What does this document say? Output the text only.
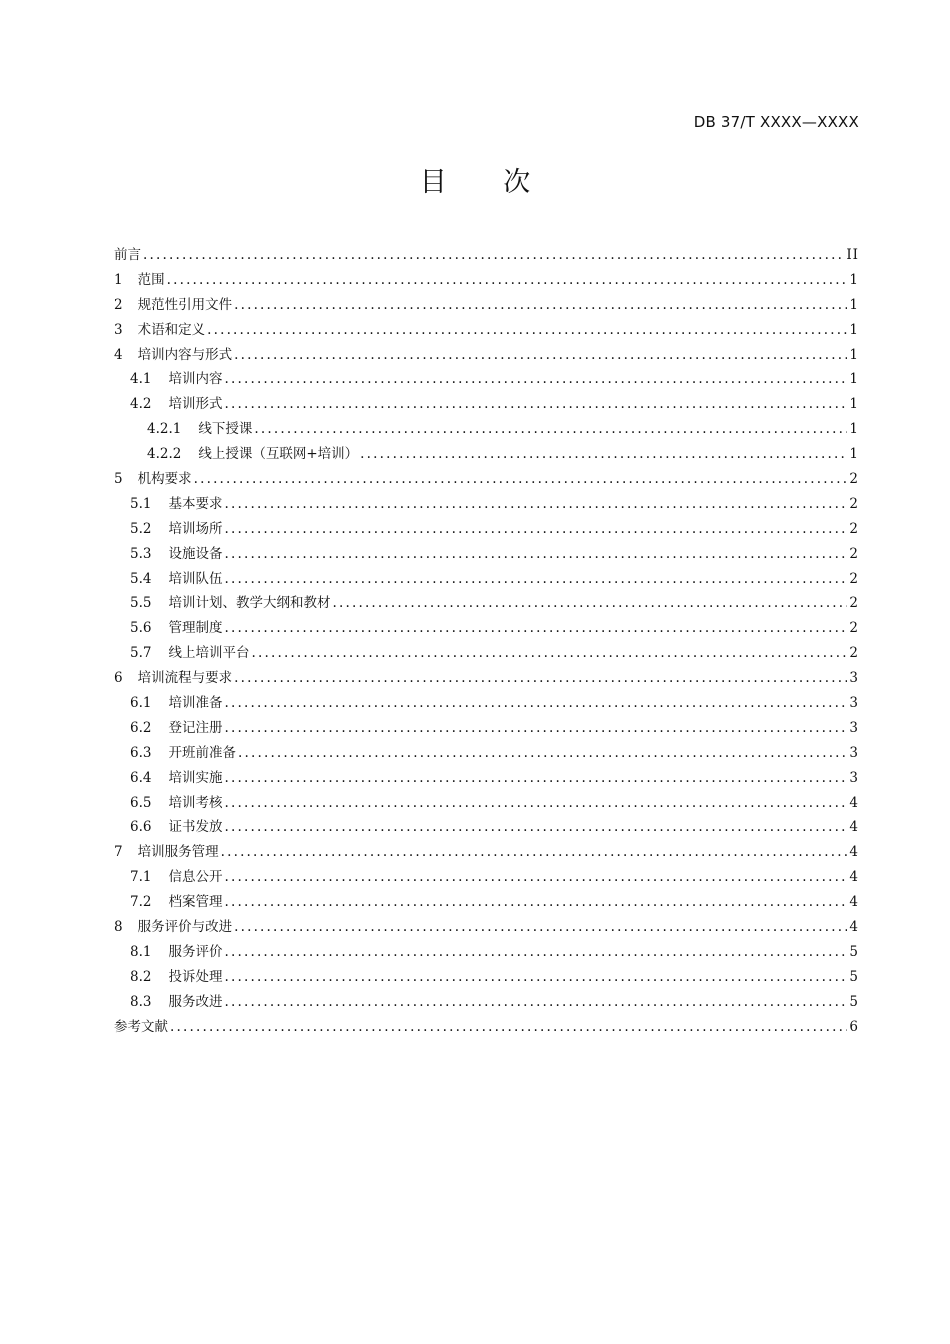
DB 37/T XXXX—XXXX
目 次
前言 .....	II
1 范围 .....	1
2 规范性引用文件 .....	1
3 术语和定义 .....	1
4 培训内容与形式 .....	1
4.1 培训内容 .....	1
4.2 培训形式 .....	1
4.2.1 线下授课 .....	1
4.2.2 线上授课（互联网+培训） .....	1
5 机构要求 .....	2
5.1 基本要求 .....	2
5.2 培训场所 .....	2
5.3 设施设备 .....	2
5.4 培训队伍 .....	2
5.5 培训计划、教学大纲和教材 .....	2
5.6 管理制度 .....	2
5.7 线上培训平台 .....	2
6 培训流程与要求 .....	3
6.1 培训准备 .....	3
6.2 登记注册 .....	3
6.3 开班前准备 .....	3
6.4 培训实施 .....	3
6.5 培训考核 .....	4
6.6 证书发放 .....	4
7 培训服务管理 .....	4
7.1 信息公开 .....	4
7.2 档案管理 .....	4
8 服务评价与改进 .....	4
8.1 服务评价 .....	5
8.2 投诉处理 .....	5
8.3 服务改进 .....	5
参考文献 .....	6
